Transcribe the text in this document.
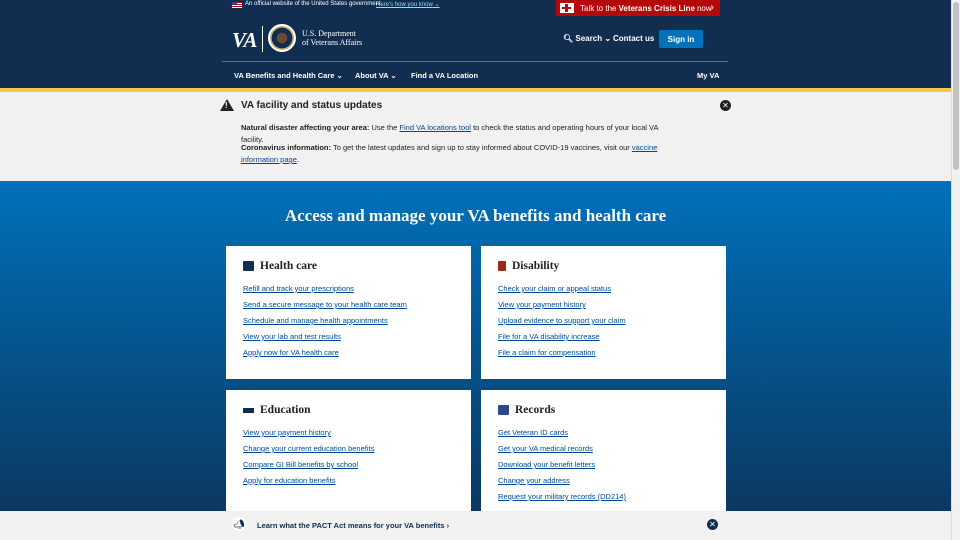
An official website of the United States government
Here's how you know ⌄
VA	U.S. Department
of Veterans Affairs	🔍︎ Search ⌄ Contact us	Sign in
VA Benefits and Health Care ⌄ About VA ⌄ Find a VA Location	My VA
Talk to the Veterans Crisis Line now ›
!
VA facility and status updates	✕

Natural disaster affecting your area: Use the Find VA locations tool to check the status and operating hours of your local VA facility.

Coronavirus information: To get the latest updates and sign up to stay informed about COVID-19 vaccines, visit our vaccine information page.

Access and manage your VA benefits and health care
Health care
Refill and track your prescriptions
Send a secure message to your health care team
Schedule and manage health appointments
View your lab and test results
Apply now for VA health care
Disability
Check your claim or appeal status
View your payment history
Upload evidence to support your claim
File for a VA disability increase
File a claim for compensation
Education
View your payment history
Change your current education benefits
Compare GI Bill benefits by school
Apply for education benefits
Records
Get Veteran ID cards
Get your VA medical records
Download your benefit letters
Change your address
Request your military records (DD214)
📣︎ Learn what the PACT Act means for your VA benefits ›	✕
